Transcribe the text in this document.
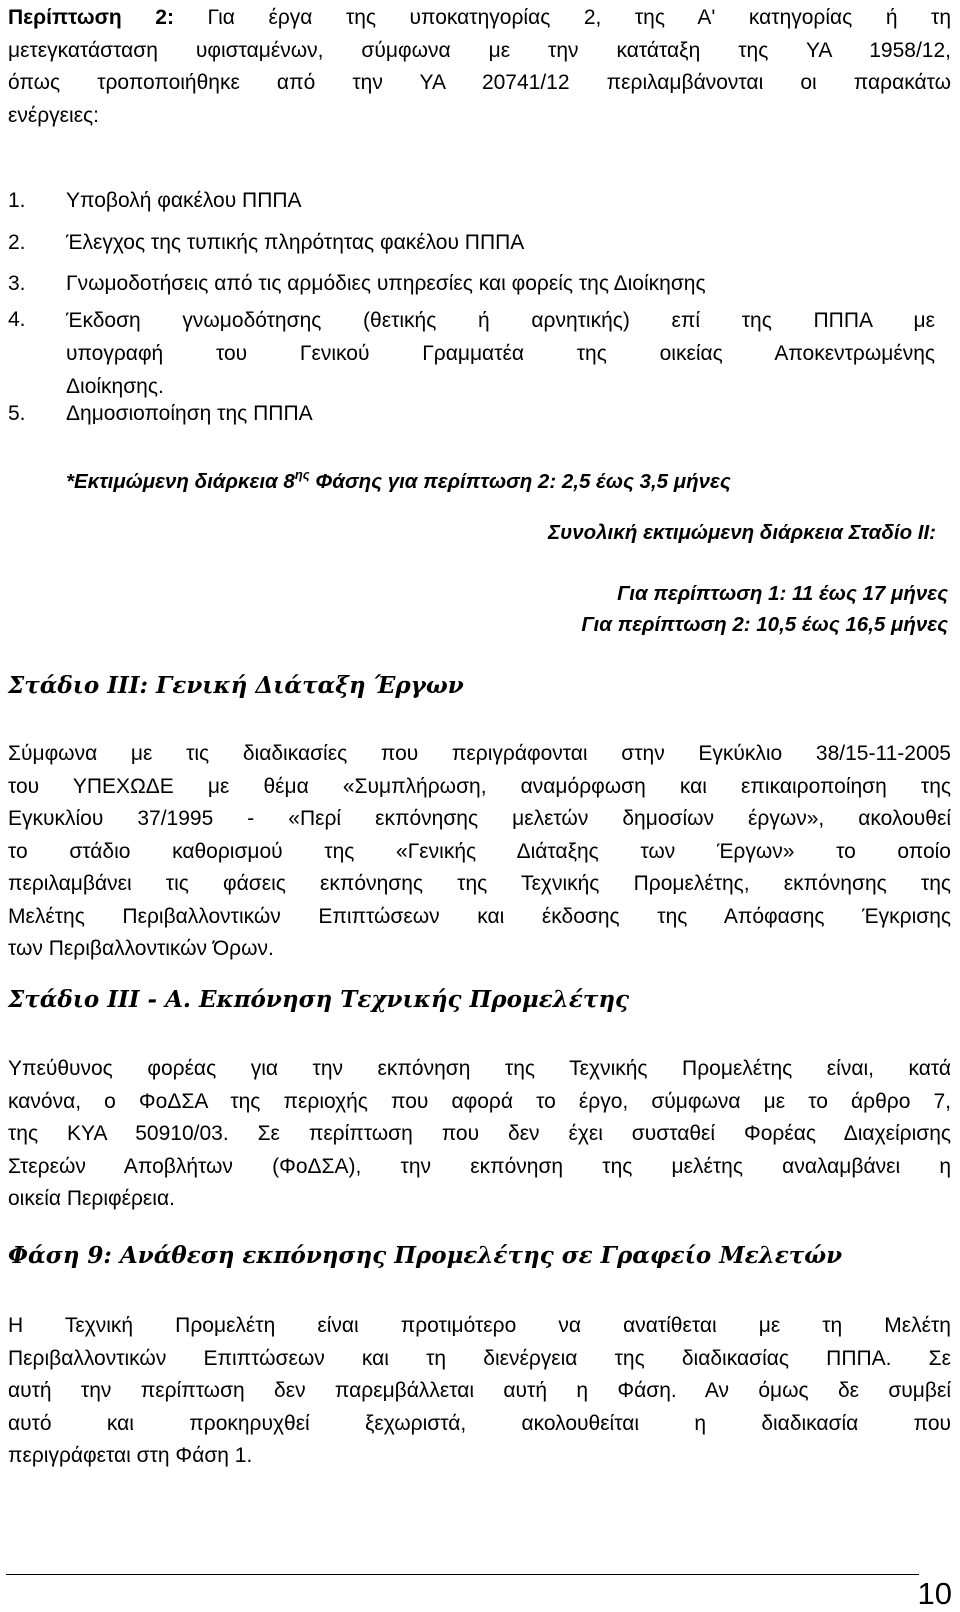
Περίπτωση 2: Για έργα της υποκατηγορίας 2, της Α' κατηγορίας ή τη
μετεγκατάσταση υφισταμένων, σύμφωνα με την κατάταξη της ΥΑ 1958/12,
όπως τροποποιήθηκε από την ΥΑ 20741/12 περιλαμβάνονται οι παρακάτω
ενέργειες:
1.	Υποβολή φακέλου ΠΠΠΑ
2.	Έλεγχος της τυπικής πληρότητας φακέλου ΠΠΠΑ
3.	Γνωμοδοτήσεις από τις αρμόδιες υπηρεσίες και φορείς της Διοίκησης
4.	Έκδοση γνωμοδότησης (θετικής ή αρνητικής) επί της ΠΠΠΑ με
υπογραφή του Γενικού Γραμματέα της οικείας Αποκεντρωμένης
Διοίκησης.
5.	Δημοσιοποίηση της ΠΠΠΑ
*Εκτιμώμενη διάρκεια $8^{\eta\varsigma}$ Φάσης για περίπτωση 2: 2,5 έως 3,5 μήνες
Συνολική εκτιμώμενη διάρκεια Σταδίο ΙΙ:
Για περίπτωση 1: 11 έως 17 μήνες
Για περίπτωση 2: 10,5 έως 16,5 μήνες
Στάδιο ΙΙΙ: Γενική Διάταξη Έργων
Σύμφωνα με τις διαδικασίες που περιγράφονται στην Εγκύκλιο 38/15-11-2005
του ΥΠΕΧΩΔΕ με θέμα «Συμπλήρωση, αναμόρφωση και επικαιροποίηση της
Εγκυκλίου 37/1995 - «Περί εκπόνησης μελετών δημοσίων έργων», ακολουθεί
το στάδιο καθορισμού της «Γενικής Διάταξης των Έργων» το οποίο
περιλαμβάνει τις φάσεις εκπόνησης της Τεχνικής Προμελέτης, εκπόνησης της
Μελέτης Περιβαλλοντικών Επιπτώσεων και έκδοσης της Απόφασης Έγκρισης
των Περιβαλλοντικών Όρων.
Στάδιο ΙΙΙ - Α. Εκπόνηση Τεχνικής Προμελέτης
Υπεύθυνος φορέας για την εκπόνηση της Τεχνικής Προμελέτης είναι, κατά
κανόνα, ο ΦοΔΣΑ της περιοχής που αφορά το έργο, σύμφωνα με το άρθρο 7,
της ΚΥΑ 50910/03. Σε περίπτωση που δεν έχει συσταθεί Φορέας Διαχείρισης
Στερεών Αποβλήτων (ΦοΔΣΑ), την εκπόνηση της μελέτης αναλαμβάνει η
οικεία Περιφέρεια.
Φάση 9: Ανάθεση εκπόνησης Προμελέτης σε Γραφείο Μελετών
Η Τεχνική Προμελέτη είναι προτιμότερο να ανατίθεται με τη Μελέτη
Περιβαλλοντικών Επιπτώσεων και τη διενέργεια της διαδικασίας ΠΠΠΑ. Σε
αυτή την περίπτωση δεν παρεμβάλλεται αυτή η Φάση. Αν όμως δε συμβεί
αυτό και προκηρυχθεί ξεχωριστά, ακολουθείται η διαδικασία που
περιγράφεται στη Φάση 1.
10
